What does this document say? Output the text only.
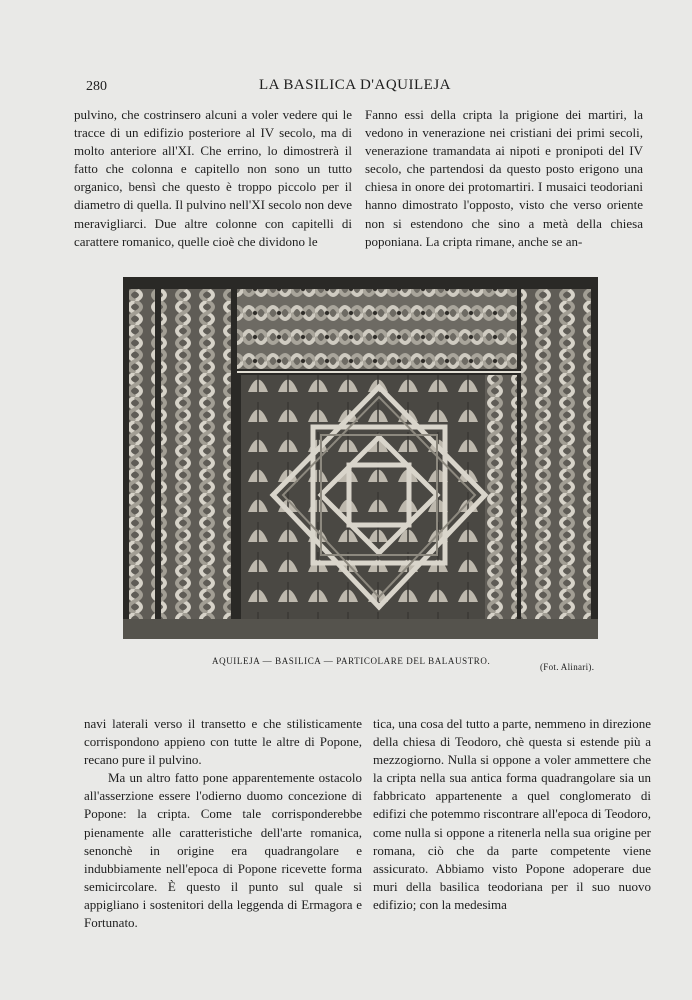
280	LA BASILICA D'AQUILEJA

pulvino, che costrinsero alcuni a voler vedere qui le tracce di un edifizio posteriore al IV secolo, ma di molto anteriore all'XI. Che errino, lo dimostrerà il fatto che colonna e capitello non sono un tutto organico, bensì che questo è troppo piccolo per il diametro di quella. Il pulvino nell'XI secolo non deve meravigliarci. Due altre colonne con capitelli di carattere romanico, quelle cioè che dividono le

Fanno essi della cripta la prigione dei martiri, la vedono in venerazione nei cristiani dei primi secoli, venerazione tramandata ai nipoti e pronipoti del IV secolo, che partendosi da questo posto erigono una chiesa in onore dei protomartiri. I musaici teodoriani hanno dimostrato l'opposto, visto che verso oriente non si estendono che sino a metà della chiesa poponiana. La cripta rimane, anche se an-

AQUILEJA — BASILICA — PARTICOLARE DEL BALAUSTRO.
(Fot. Alinari).

navi laterali verso il transetto e che stilisticamente corrispondono appieno con tutte le altre di Popone, recano pure il pulvino.

Ma un altro fatto pone apparentemente ostacolo all'asserzione essere l'odierno duomo concezione di Popone: la cripta. Come tale corrisponderebbe pienamente alle caratteristiche dell'arte romanica, senonchè in origine era quadrangolare e indubbiamente nell'epoca di Popone ricevette forma semicircolare. È questo il punto sul quale si appigliano i sostenitori della leggenda di Ermagora e Fortunato.

tica, una cosa del tutto a parte, nemmeno in direzione della chiesa di Teodoro, chè questa si estende più a mezzogiorno. Nulla si oppone a voler ammettere che la cripta nella sua antica forma quadrangolare sia un fabbricato appartenente a quel conglomerato di edifizi che potemmo riscontrare all'epoca di Teodoro, come nulla si oppone a ritenerla nella sua origine per romana, ciò che da parte competente viene assicurato. Abbiamo visto Popone adoperare due muri della basilica teodoriana per il suo nuovo edifizio; con la medesima
